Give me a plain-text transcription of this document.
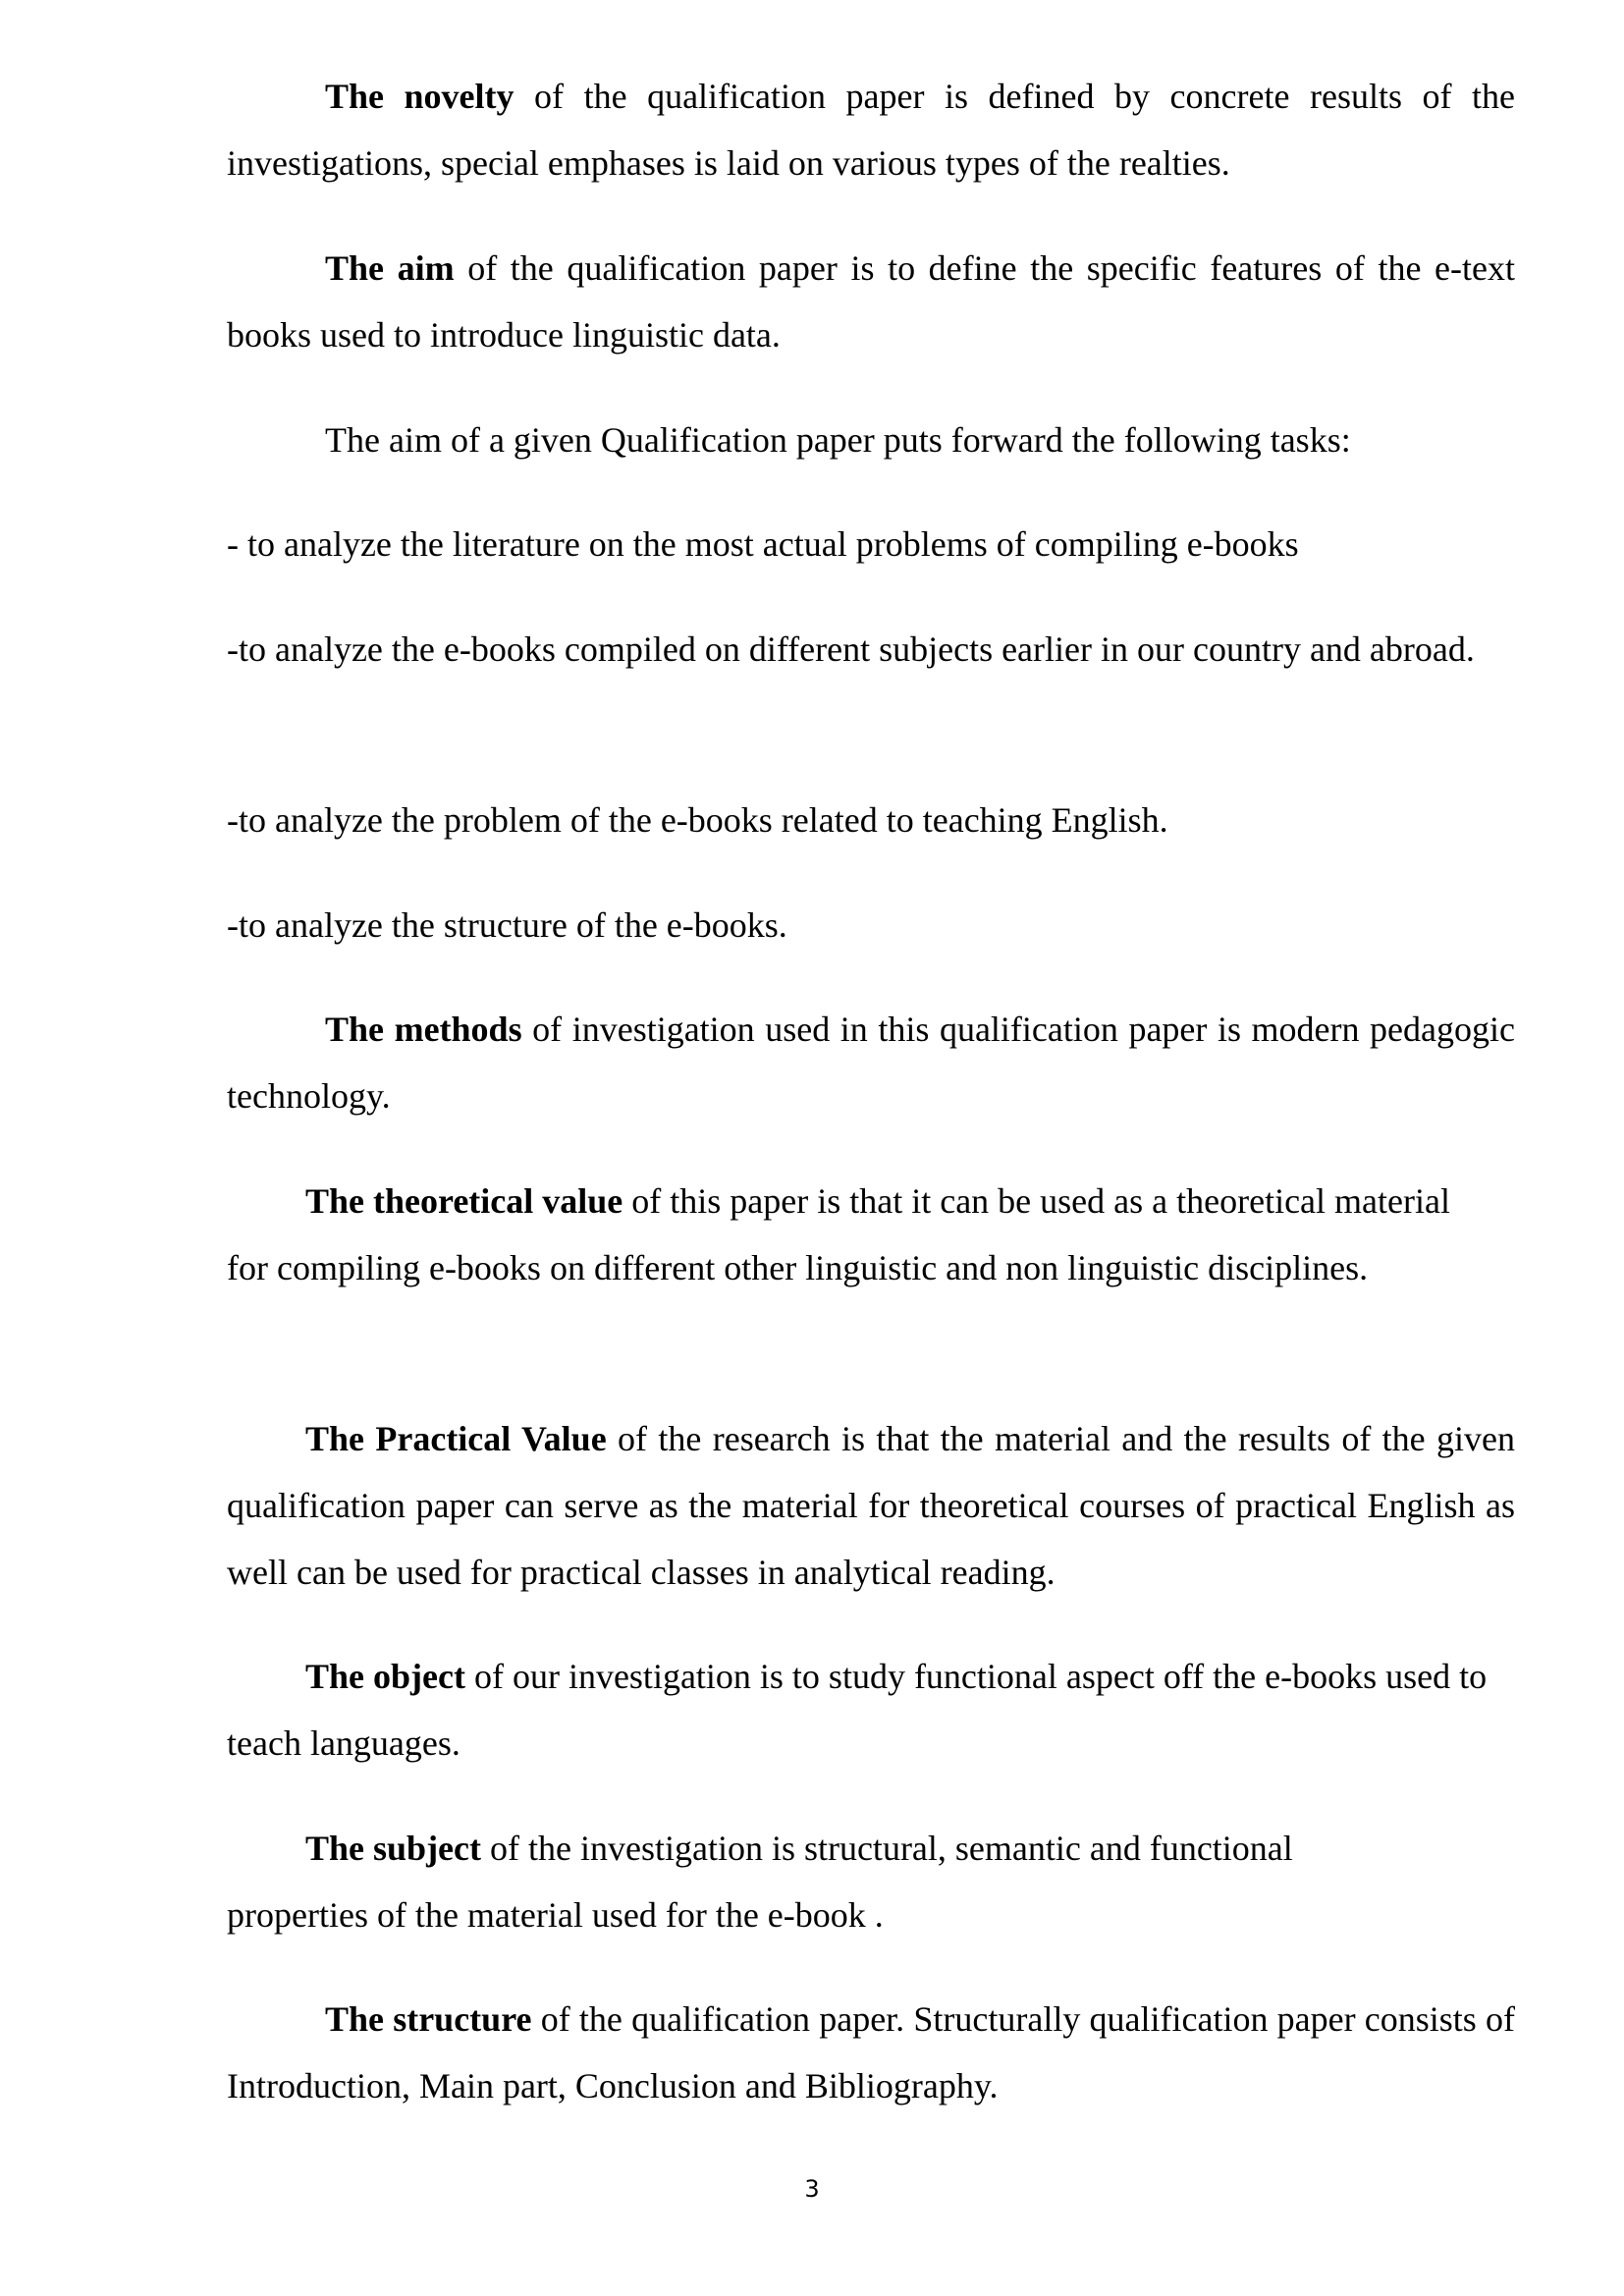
The novelty of the qualification paper is defined by concrete results of the investigations, special emphases is laid on various types of the realties.

The aim of the qualification paper is to define the specific features of the e-text books used to introduce linguistic data.

The aim of a given Qualification paper puts forward the following tasks:

- to analyze the literature on the most actual problems of compiling e-books

-to analyze the e-books compiled on different subjects earlier in our country and abroad.

-to analyze the problem of the e-books related to teaching English.

-to analyze the structure of the e-books.

The methods of investigation used in this qualification paper is modern pedagogic technology.

The theoretical value of this paper is that it can be used as a theoretical material for compiling e-books on different other linguistic and non linguistic disciplines.

The Practical Value of the research is that the material and the results of the given qualification paper can serve as the material for theoretical courses of practical English as well can be used for practical classes in analytical reading.

The object of our investigation is to study functional aspect off the e-books used to teach languages.

The subject of the investigation is structural, semantic and functional properties of the material used for the e-book .

The structure of the qualification paper. Structurally qualification paper consists of Introduction, Main part, Conclusion and Bibliography.

3
